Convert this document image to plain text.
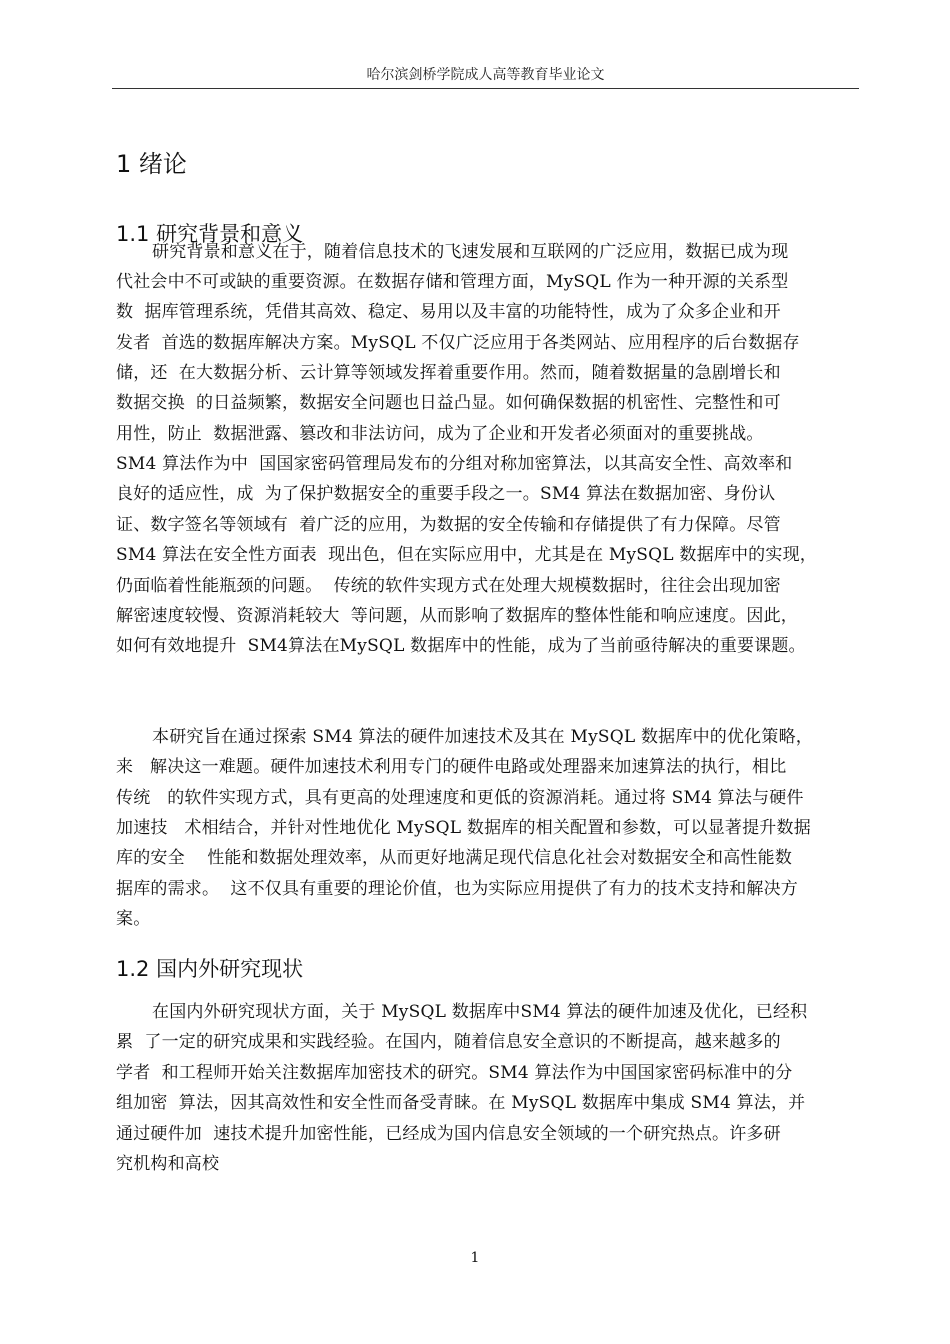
哈尔滨剑桥学院成人高等教育毕业论文
1 绪论
1.1 研究背景和意义

研究背景和意义在于，随着信息技术的飞速发展和互联网的广泛应用，数据已成为现

代社会中不可或缺的重要资源。在数据存储和管理方面，MySQL 作为一种开源的关系型

数  据库管理系统，凭借其高效、稳定、易用以及丰富的功能特性，成为了众多企业和开

发者  首选的数据库解决方案。MySQL 不仅广泛应用于各类网站、应用程序的后台数据存

储，还  在大数据分析、云计算等领域发挥着重要作用。然而，随着数据量的急剧增长和

数据交换  的日益频繁，数据安全问题也日益凸显。如何确保数据的机密性、完整性和可

用性，防止  数据泄露、篡改和非法访问，成为了企业和开发者必须面对的重要挑战。

SM4 算法作为中  国国家密码管理局发布的分组对称加密算法，以其高安全性、高效率和

良好的适应性，成  为了保护数据安全的重要手段之一。SM4 算法在数据加密、身份认

证、数字签名等领域有  着广泛的应用，为数据的安全传输和存储提供了有力保障。尽管

SM4 算法在安全性方面表  现出色，但在实际应用中，尤其是在 MySQL 数据库中的实现，

仍面临着性能瓶颈的问题。  传统的软件实现方式在处理大规模数据时，往往会出现加密

解密速度较慢、资源消耗较大  等问题，从而影响了数据库的整体性能和响应速度。因此，

如何有效地提升  SM4算法在MySQL 数据库中的性能，成为了当前亟待解决的重要课题。

本研究旨在通过探索 SM4 算法的硬件加速技术及其在 MySQL 数据库中的优化策略，

来   解决这一难题。硬件加速技术利用专门的硬件电路或处理器来加速算法的执行，相比

传统   的软件实现方式，具有更高的处理速度和更低的资源消耗。通过将 SM4 算法与硬件

加速技   术相结合，并针对性地优化 MySQL 数据库的相关配置和参数，可以显著提升数据

库的安全    性能和数据处理效率，从而更好地满足现代信息化社会对数据安全和高性能数

据库的需求。  这不仅具有重要的理论价值，也为实际应用提供了有力的技术支持和解决方

案。

1.2 国内外研究现状

在国内外研究现状方面，关于 MySQL 数据库中SM4 算法的硬件加速及优化，已经积

累  了一定的研究成果和实践经验。在国内，随着信息安全意识的不断提高，越来越多的

学者  和工程师开始关注数据库加密技术的研究。SM4 算法作为中国国家密码标准中的分

组加密  算法，因其高效性和安全性而备受青睐。在 MySQL 数据库中集成 SM4 算法，并

通过硬件加  速技术提升加密性能，已经成为国内信息安全领域的一个研究热点。许多研

究机构和高校

1
